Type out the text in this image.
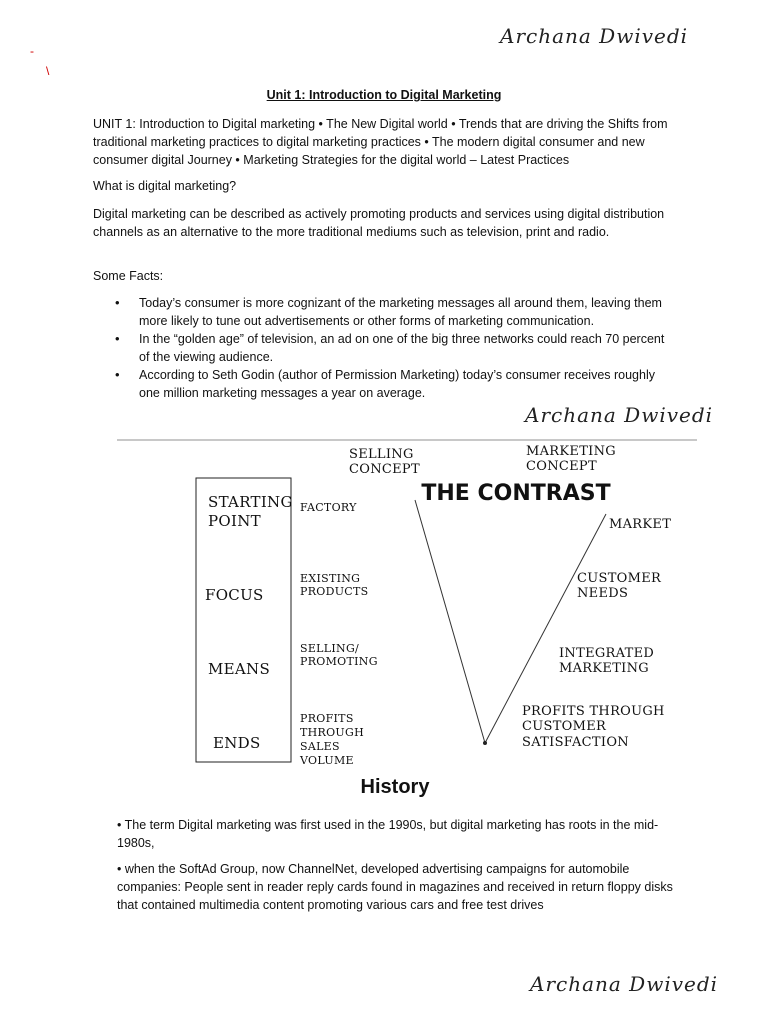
Archana Dwivedi
-
\
Unit 1: Introduction to Digital Marketing

UNIT 1: Introduction to Digital marketing • The New Digital world • Trends that are driving the Shifts from traditional marketing practices to digital marketing practices • The modern digital consumer and new consumer digital Journey • Marketing Strategies for the digital world – Latest Practices

What is digital marketing?

Digital marketing can be described as actively promoting products and services using digital distribution channels as an alternative to the more traditional mediums such as television, print and radio.

Some Facts:

• Today’s consumer is more cognizant of the marketing messages all around them, leaving them more likely to tune out advertisements or other forms of marketing communication.
• In the “golden age” of television, an ad on one of the big three networks could reach 70 percent of the viewing audience.
• According to Seth Godin (author of Permission Marketing) today’s consumer receives roughly one million marketing messages a year on average.
Archana Dwivedi
SELLING CONCEPT
MARKETING CONCEPT
THE CONTRAST
STARTING POINT
FOCUS
MEANS
ENDS
FACTORY
EXISTING PRODUCTS
SELLING/ PROMOTING
PROFITS THROUGH SALES VOLUME
MARKET
CUSTOMER NEEDS
INTEGRATED MARKETING
PROFITS THROUGH CUSTOMER SATISFACTION
History

• The term Digital marketing was first used in the 1990s, but digital marketing has roots in the mid-1980s,

• when the SoftAd Group, now ChannelNet, developed advertising campaigns for automobile companies: People sent in reader reply cards found in magazines and received in return floppy disks that contained multimedia content promoting various cars and free test drives

Archana Dwivedi
